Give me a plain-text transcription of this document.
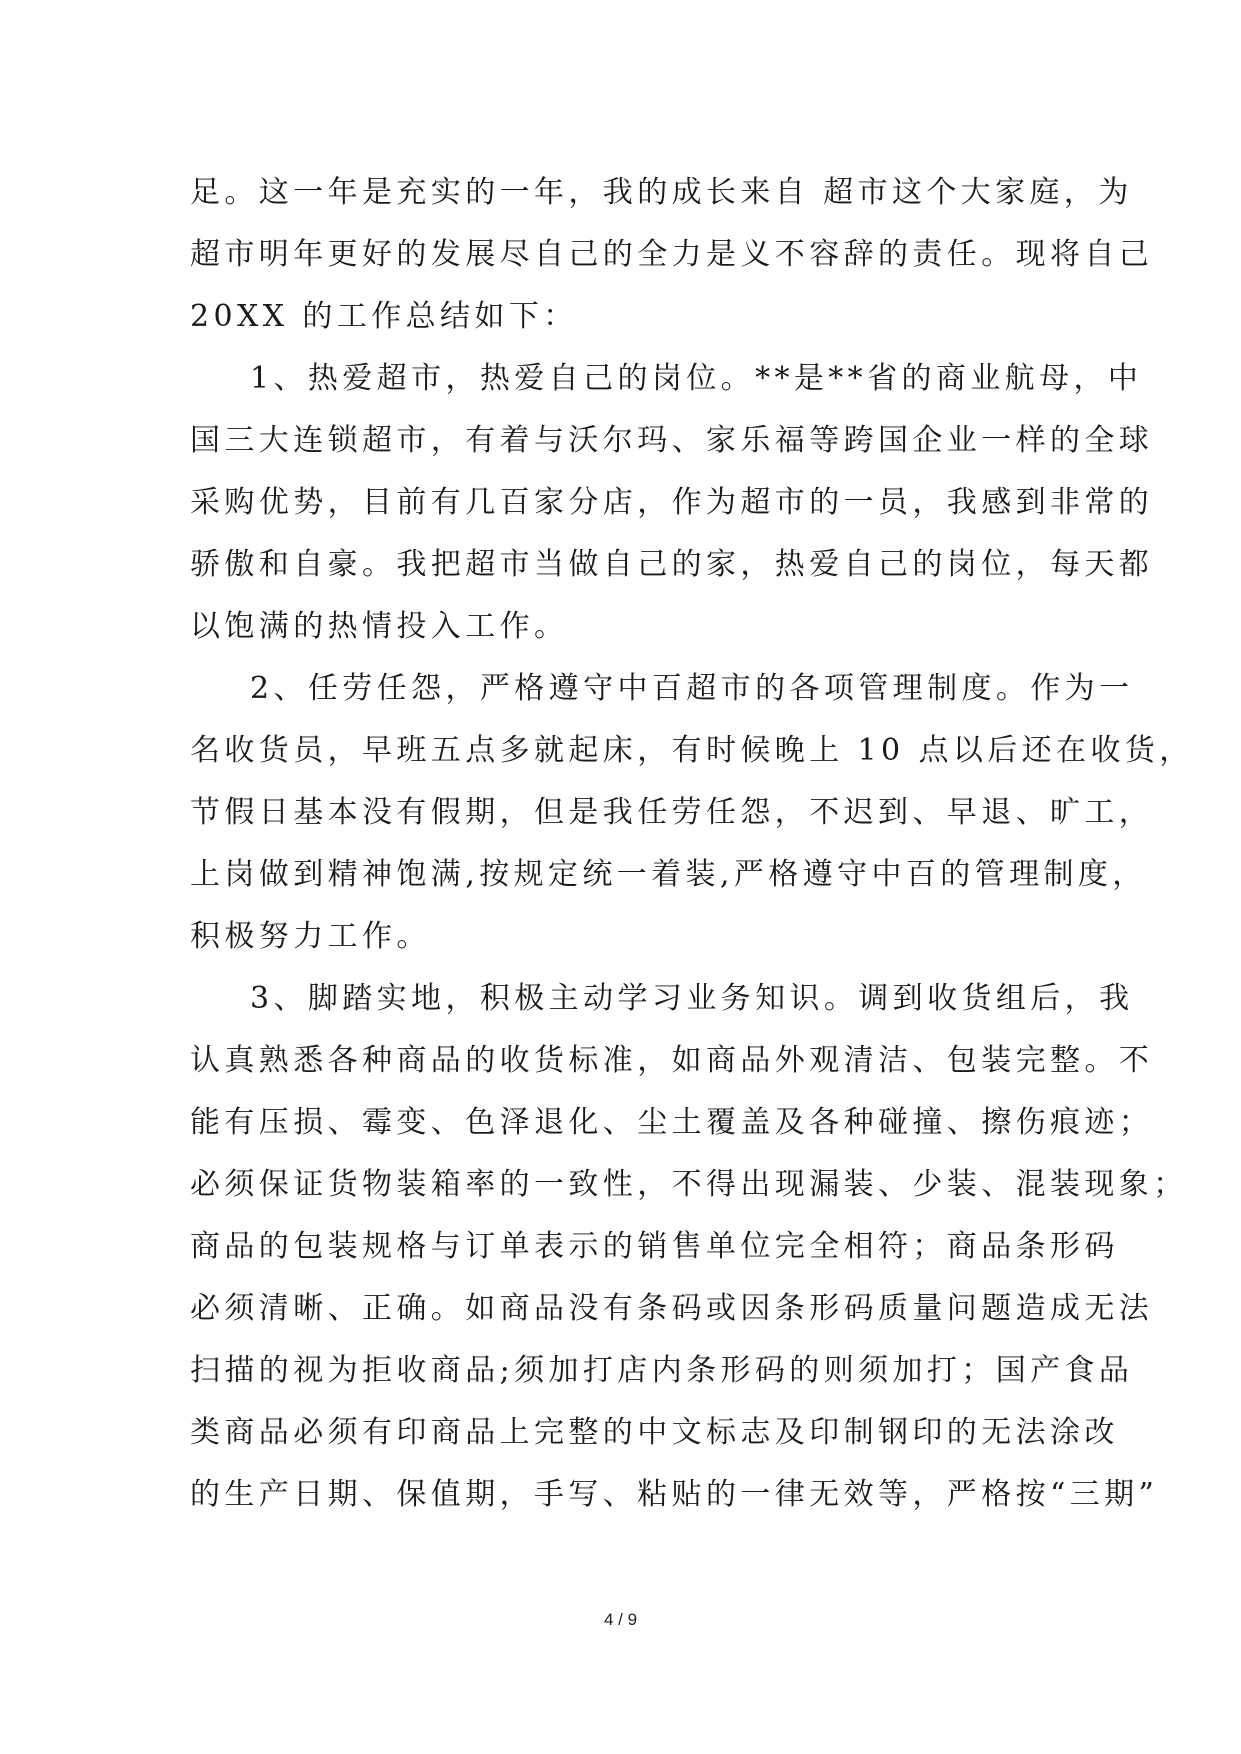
足。这一年是充实的一年，我的成长来自 超市这个大家庭，为
超市明年更好的发展尽自己的全力是义不容辞的责任。现将自己
20XX 的工作总结如下：
1、热爱超市，热爱自己的岗位。**是**省的商业航母，中
国三大连锁超市，有着与沃尔玛、家乐福等跨国企业一样的全球
采购优势，目前有几百家分店，作为超市的一员，我感到非常的
骄傲和自豪。我把超市当做自己的家，热爱自己的岗位，每天都
以饱满的热情投入工作。
2、任劳任怨，严格遵守中百超市的各项管理制度。作为一
名收货员，早班五点多就起床，有时候晚上 10 点以后还在收货，
节假日基本没有假期，但是我任劳任怨，不迟到、早退、旷工，
上岗做到精神饱满,按规定统一着装,严格遵守中百的管理制度，
积极努力工作。
3、脚踏实地，积极主动学习业务知识。调到收货组后，我
认真熟悉各种商品的收货标准，如商品外观清洁、包装完整。不
能有压损、霉变、色泽退化、尘土覆盖及各种碰撞、擦伤痕迹；
必须保证货物装箱率的一致性，不得出现漏装、少装、混装现象；
商品的包装规格与订单表示的销售单位完全相符；商品条形码
必须清晰、正确。如商品没有条码或因条形码质量问题造成无法
扫描的视为拒收商品;须加打店内条形码的则须加打；国产食品
类商品必须有印商品上完整的中文标志及印制钢印的无法涂改
的生产日期、保值期，手写、粘贴的一律无效等，严格按“三期”
4 / 9
